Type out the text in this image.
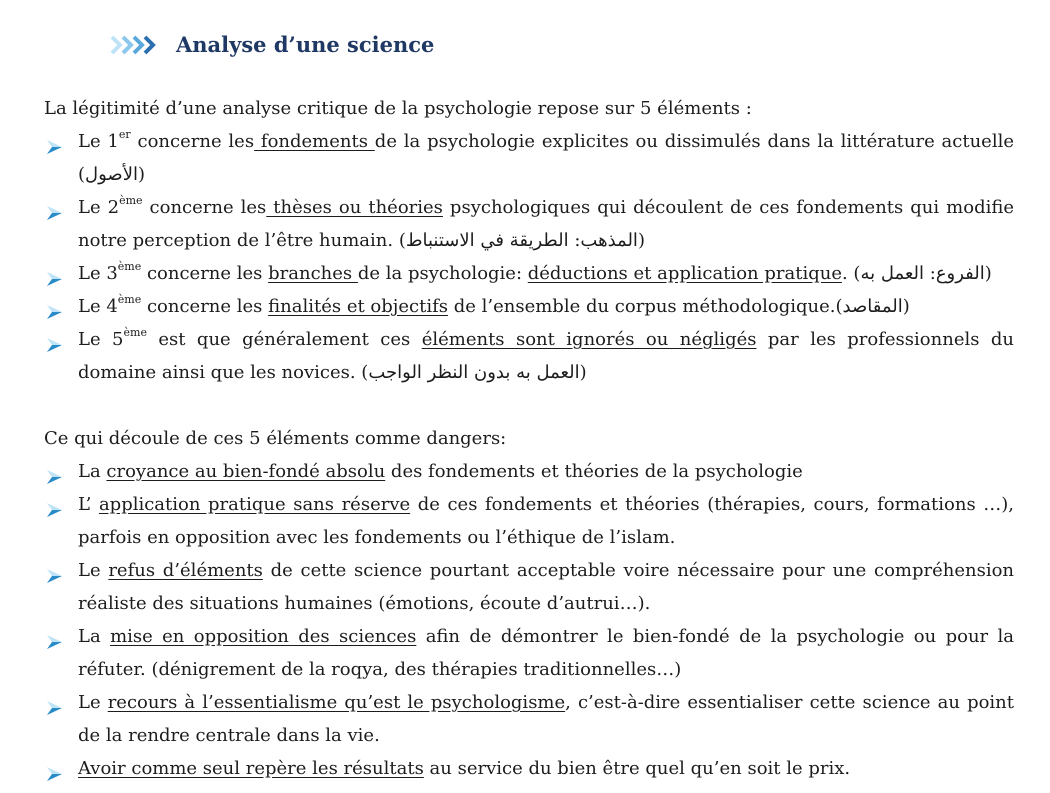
Analyse d’une science

La légitimité d’une analyse critique de la psychologie repose sur 5 éléments :

Le 1er concerne les fondements de la psychologie explicites ou dissimulés dans la littérature actuelle (الأصول)
Le 2ème concerne les thèses ou théories psychologiques qui découlent de ces fondements qui modifie notre perception de l’être humain. (المذهب: الطريقة في الاستنباط)
Le 3ème concerne les branches de la psychologie: déductions et application pratique. (الفروع: العمل به)
Le 4ème concerne les finalités et objectifs de l’ensemble du corpus méthodologique.(المقاصد)
Le 5ème est que généralement ces éléments sont ignorés ou négligés par les professionnels du domaine ainsi que les novices. (العمل به بدون النظر الواجب)

Ce qui découle de ces 5 éléments comme dangers:

La croyance au bien-fondé absolu des fondements et théories de la psychologie
L’ application pratique sans réserve de ces fondements et théories (thérapies, cours, formations …), parfois en opposition avec les fondements ou l’éthique de l’islam.
Le refus d’éléments de cette science pourtant acceptable voire nécessaire pour une compréhension réaliste des situations humaines (émotions, écoute d’autrui…).
La mise en opposition des sciences afin de démontrer le bien-fondé de la psychologie ou pour la réfuter. (dénigrement de la roqya, des thérapies traditionnelles…)
Le recours à l’essentialisme qu’est le psychologisme, c’est-à-dire essentialiser cette science au point de la rendre centrale dans la vie.
Avoir comme seul repère les résultats au service du bien être quel qu’en soit le prix.
